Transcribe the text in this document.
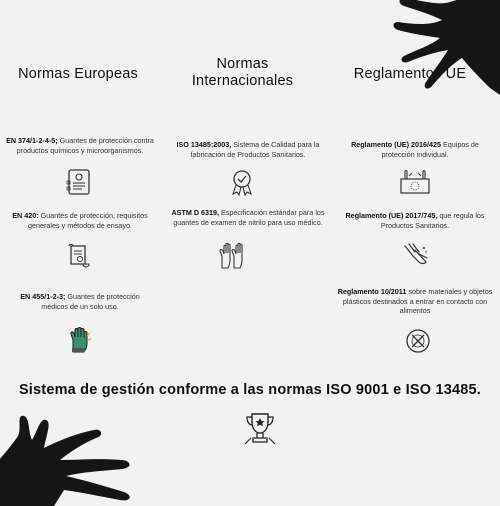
Normas Europeas
Normas Internacionales	Reglamentos UE
EN 374/1-2-4-5; Guantes de protección contra productos químicos y microorganismos.
EN 420: Guantes de protección, requisitos generales y métodos de ensayo.
EN 455/1-2-3; Guantes de protección médicos de un solo uso.
ISO 13485:2003, Sistema de Calidad para la fabricación de Productos Sanitarios.
ASTM D 6319, Especificación estándar para los guantes de examen de nitrilo para uso médico.
Reglamento (UE) 2016/425 Equipos de protección individual.
Reglamento (UE) 2017/745, que regula los Productos Sanitarios.
Reglamento 10/2011 sobre materiales y objetos plásticos destinados a entrar en contacto con alimentos
Sistema de gestión conforme a las normas ISO 9001 e ISO 13485.
